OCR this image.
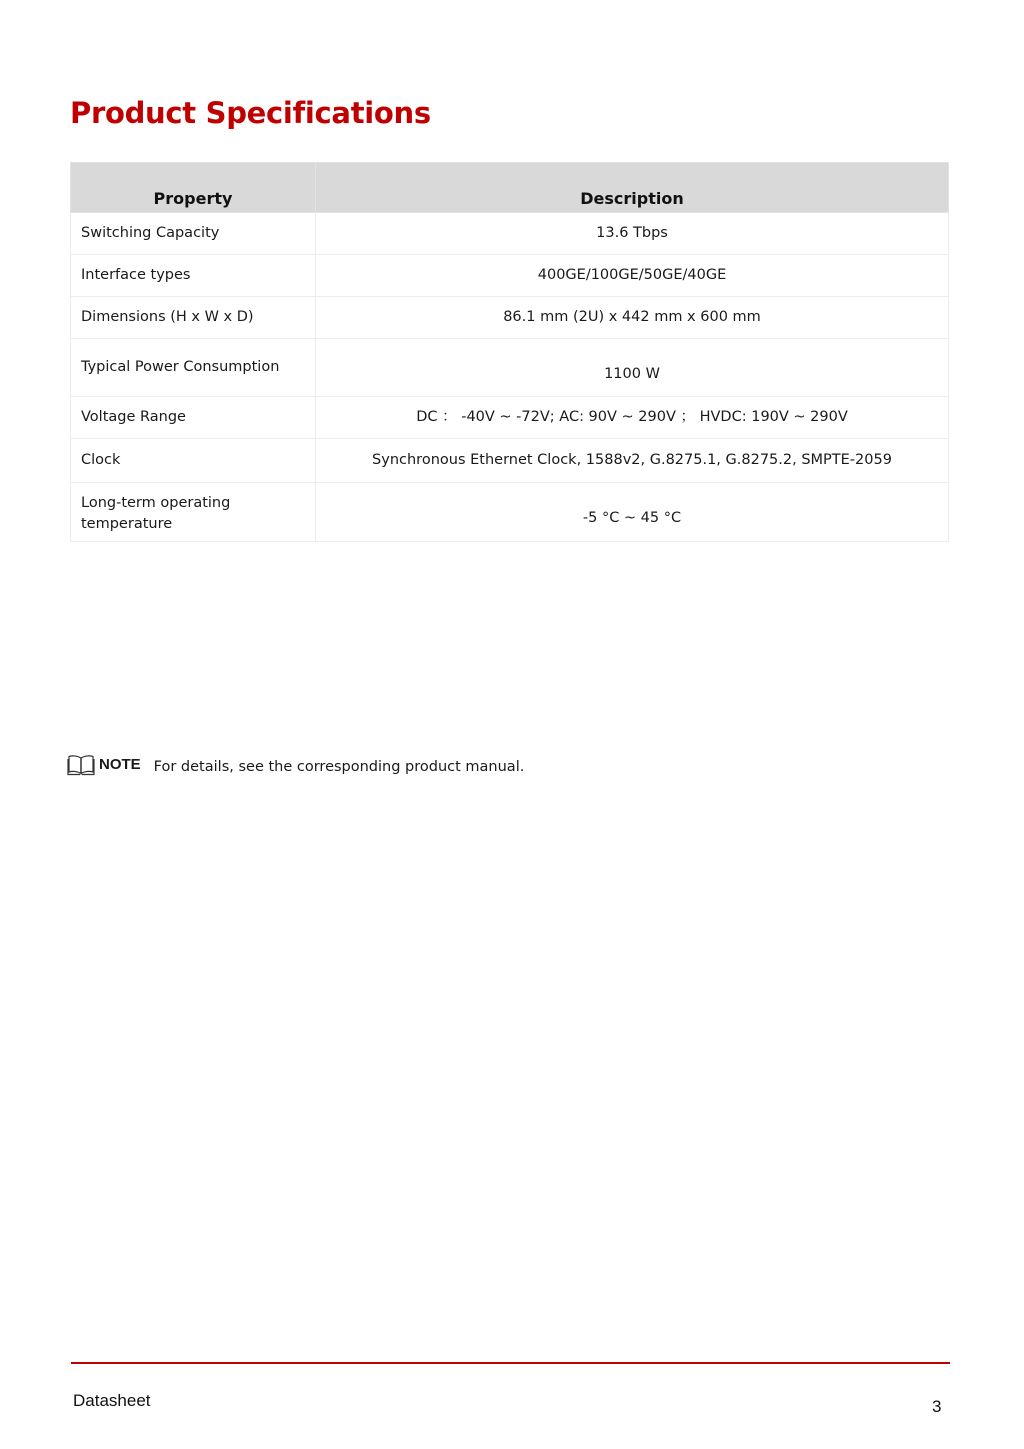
Product Specifications
Property	Description
Switching Capacity	13.6 Tbps
Interface types	400GE/100GE/50GE/40GE
Dimensions (H x W x D)	86.1 mm (2U) x 442 mm x 600 mm
Typical Power Consumption	1100 W
Voltage Range	DC ： -40V ~ -72V; AC: 90V ~ 290V ； HVDC: 190V ~ 290V
Clock	Synchronous Ethernet Clock, 1588v2, G.8275.1, G.8275.2, SMPTE-2059
Long-term operating temperature	-5 °C ~ 45 °C
NOTE For details, see the corresponding product manual.
Datasheet	3
